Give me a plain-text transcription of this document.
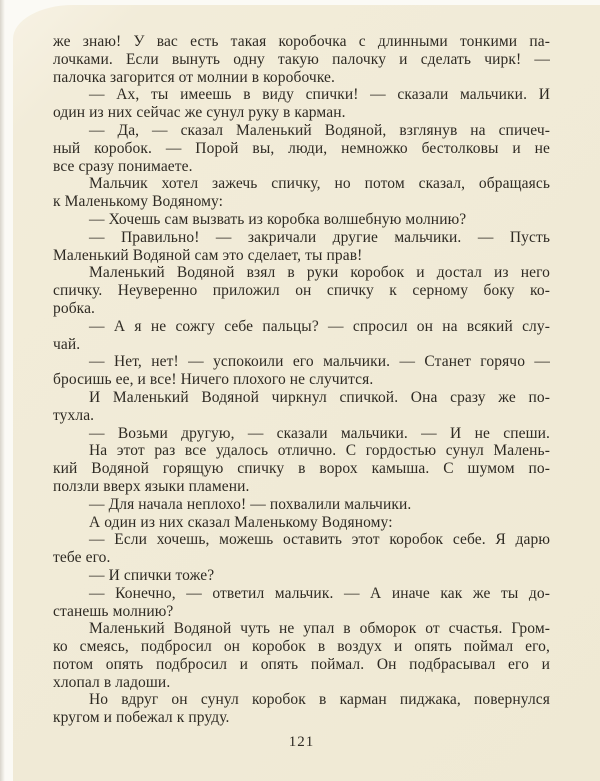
же знаю! У вас есть такая коробочка с длинными тонкими па-
лочками. Если вынуть одну такую палочку и сделать чирк! —
палочка загорится от молнии в коробочке.
— Ах, ты имеешь в виду спички! — сказали мальчики. И
один из них сейчас же сунул руку в карман.
— Да, — сказал Маленький Водяной, взглянув на спичеч-
ный коробок. — Порой вы, люди, немножко бестолковы и не
все сразу понимаете.
Мальчик хотел зажечь спичку, но потом сказал, обращаясь
к Маленькому Водяному:
— Хочешь сам вызвать из коробка волшебную молнию?
— Правильно! — закричали другие мальчики. — Пусть
Маленький Водяной сам это сделает, ты прав!
Маленький Водяной взял в руки коробок и достал из него
спичку. Неуверенно приложил он спичку к серному боку ко-
робка.
— А я не сожгу себе пальцы? — спросил он на всякий слу-
чай.
— Нет, нет! — успокоили его мальчики. — Станет горячо —
бросишь ее, и все! Ничего плохого не случится.
И Маленький Водяной чиркнул спичкой. Она сразу же по-
тухла.
— Возьми другую, — сказали мальчики. — И не спеши.
На этот раз все удалось отлично. С гордостью сунул Малень-
кий Водяной горящую спичку в ворох камыша. С шумом по-
ползли вверх языки пламени.
— Для начала неплохо! — похвалили мальчики.
А один из них сказал Маленькому Водяному:
— Если хочешь, можешь оставить этот коробок себе. Я дарю
тебе его.
— И спички тоже?
— Конечно, — ответил мальчик. — А иначе как же ты до-
станешь молнию?
Маленький Водяной чуть не упал в обморок от счастья. Гром-
ко смеясь, подбросил он коробок в воздух и опять поймал его,
потом опять подбросил и опять поймал. Он подбрасывал его и
хлопал в ладоши.
Но вдруг он сунул коробок в карман пиджака, повернулся
кругом и побежал к пруду.
121
